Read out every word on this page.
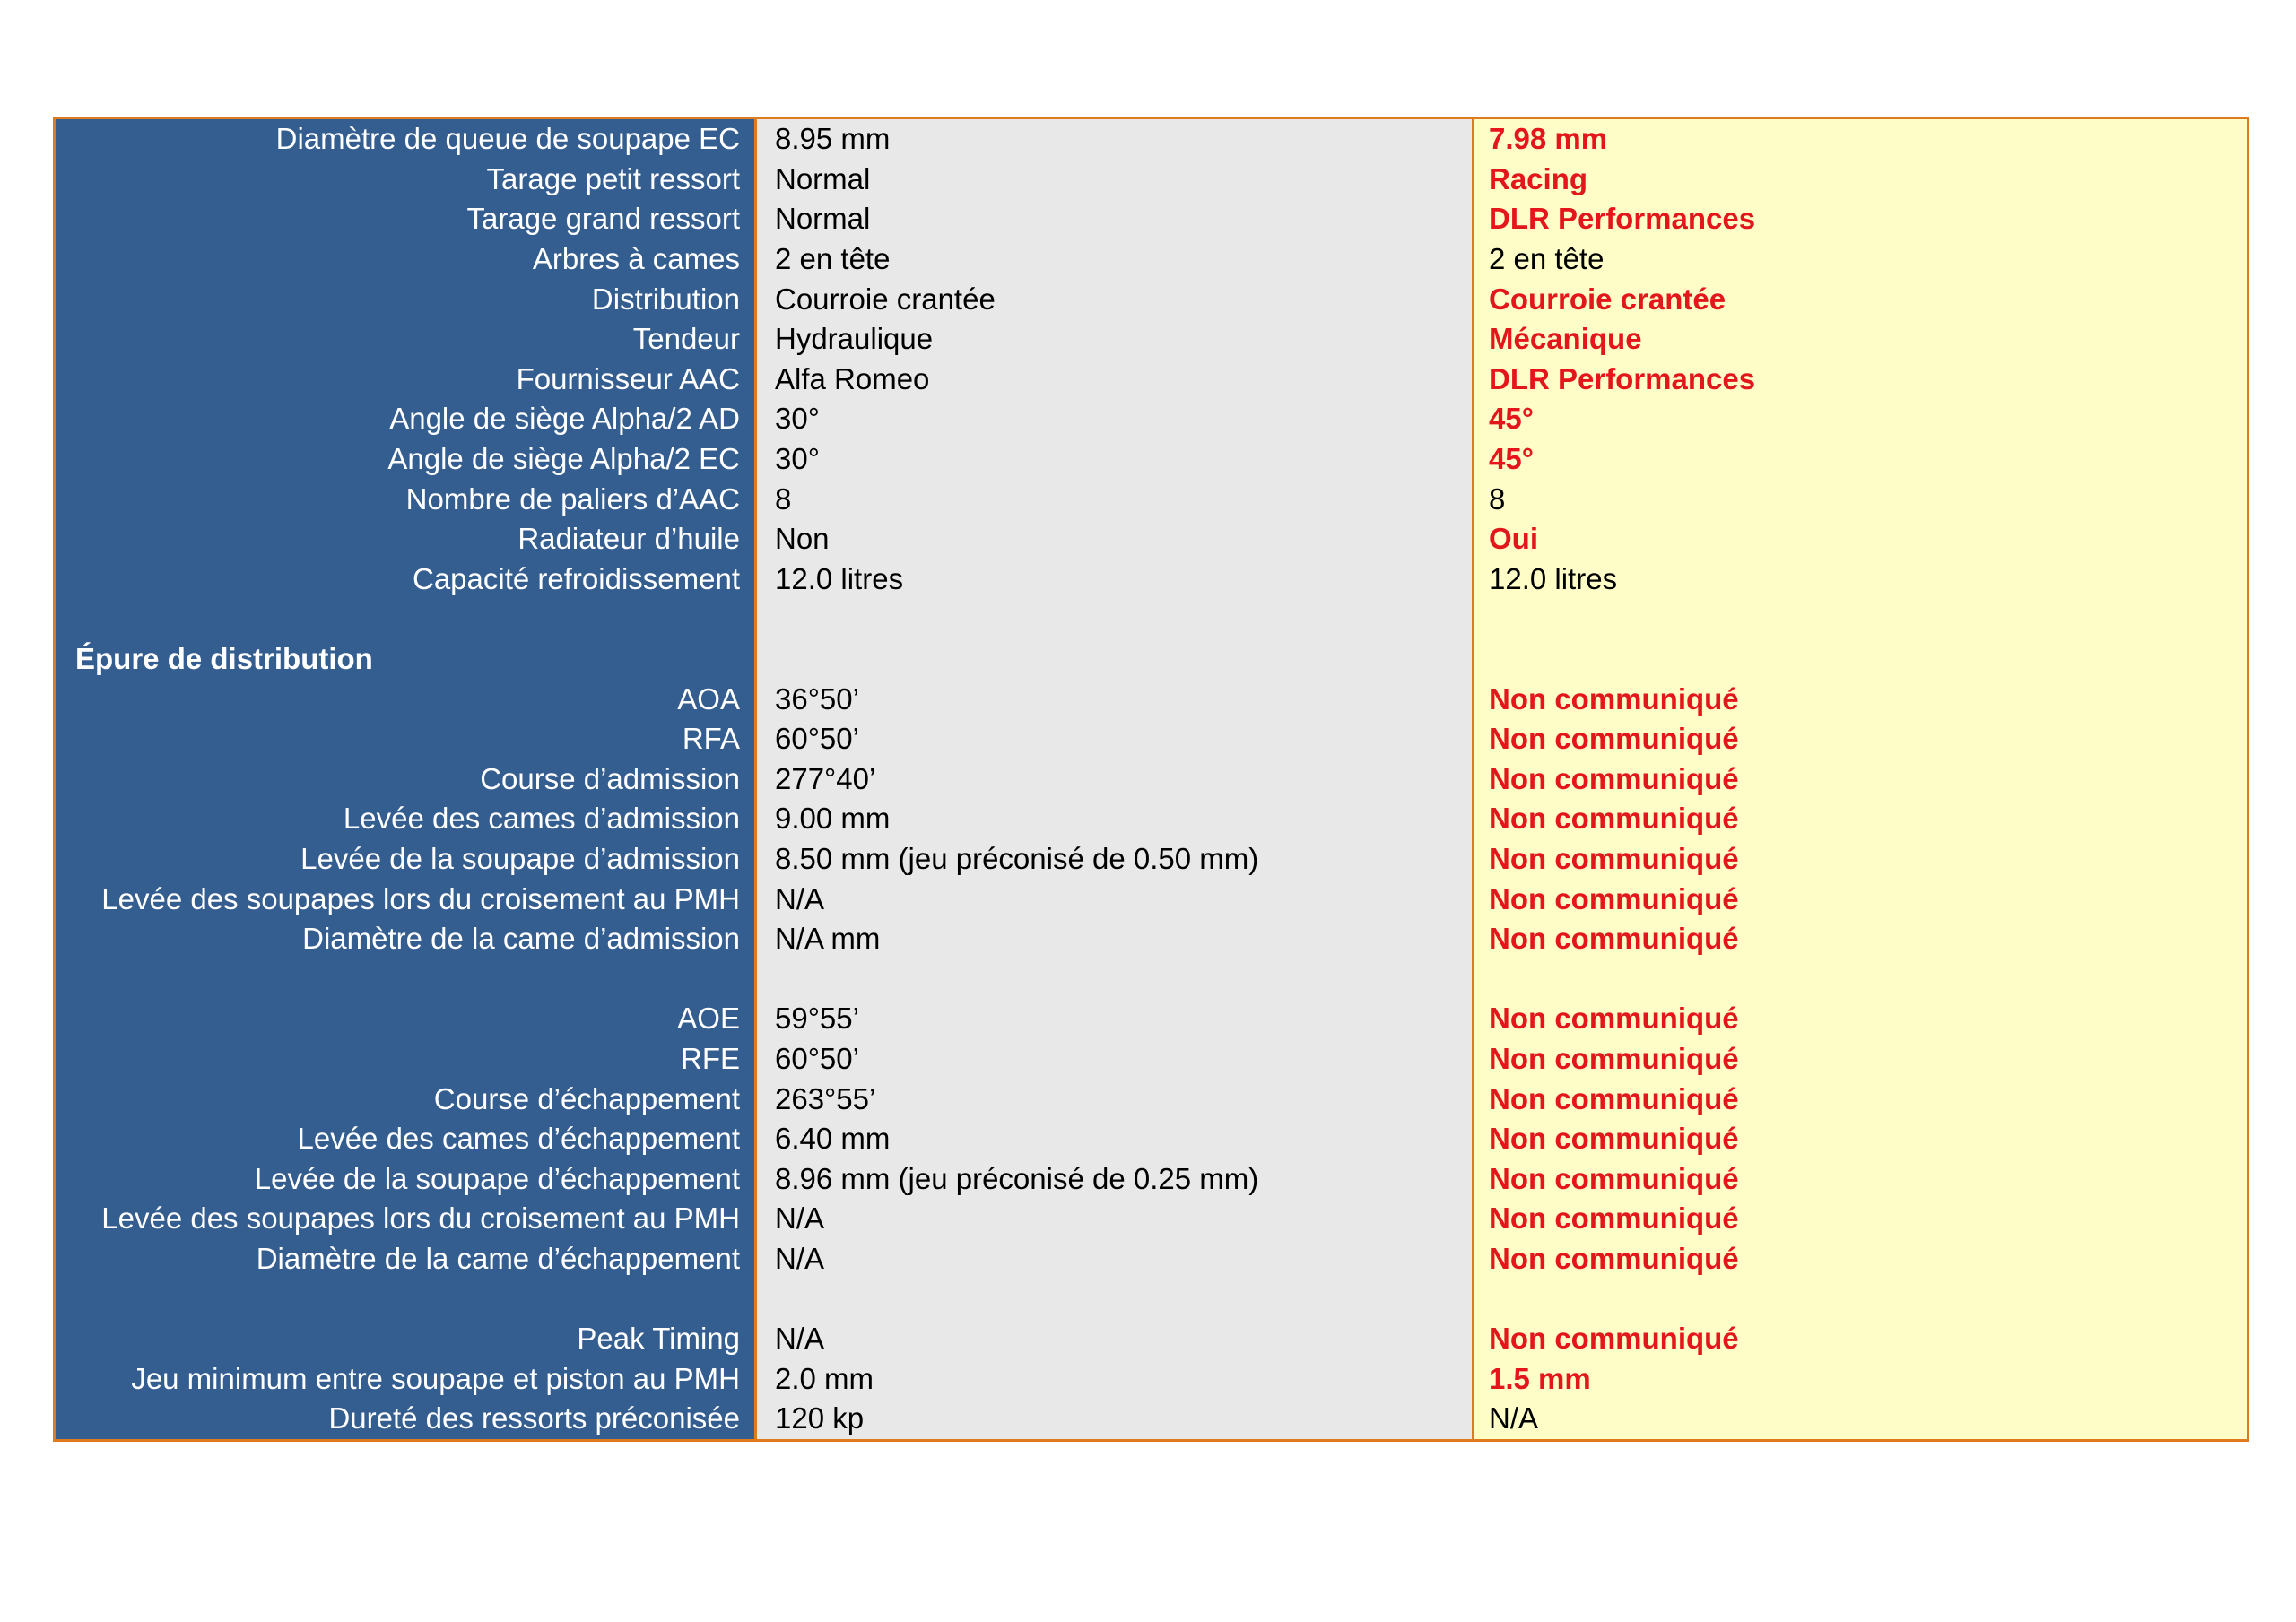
Diamètre de queue de soupape EC	8.95 mm	7.98 mm
Tarage petit ressort	Normal	Racing
Tarage grand ressort	Normal	DLR Performances
Arbres à cames	2 en tête	2 en tête
Distribution	Courroie crantée	Courroie crantée
Tendeur	Hydraulique	Mécanique
Fournisseur AAC	Alfa Romeo	DLR Performances
Angle de siège Alpha/2 AD	30°	45°
Angle de siège Alpha/2 EC	30°	45°
Nombre de paliers d’AAC	8	8
Radiateur d’huile	Non	Oui
Capacité refroidissement	12.0 litres	12.0 litres

Épure de distribution		
AOA	36°50’	Non communiqué
RFA	60°50’	Non communiqué
Course d’admission	277°40’	Non communiqué
Levée des cames d’admission	9.00 mm	Non communiqué
Levée de la soupape d’admission	8.50 mm (jeu préconisé de 0.50 mm)	Non communiqué
Levée des soupapes lors du croisement au PMH	N/A	Non communiqué
Diamètre de la came d’admission	N/A mm	Non communiqué

AOE	59°55’	Non communiqué
RFE	60°50’	Non communiqué
Course d’échappement	263°55’	Non communiqué
Levée des cames d’échappement	6.40 mm	Non communiqué
Levée de la soupape d’échappement	8.96 mm (jeu préconisé de 0.25 mm)	Non communiqué
Levée des soupapes lors du croisement au PMH	N/A	Non communiqué
Diamètre de la came d’échappement	N/A	Non communiqué

Peak Timing	N/A	Non communiqué
Jeu minimum entre soupape et piston au PMH	2.0 mm	1.5 mm
Dureté des ressorts préconisée	120 kp	N/A
